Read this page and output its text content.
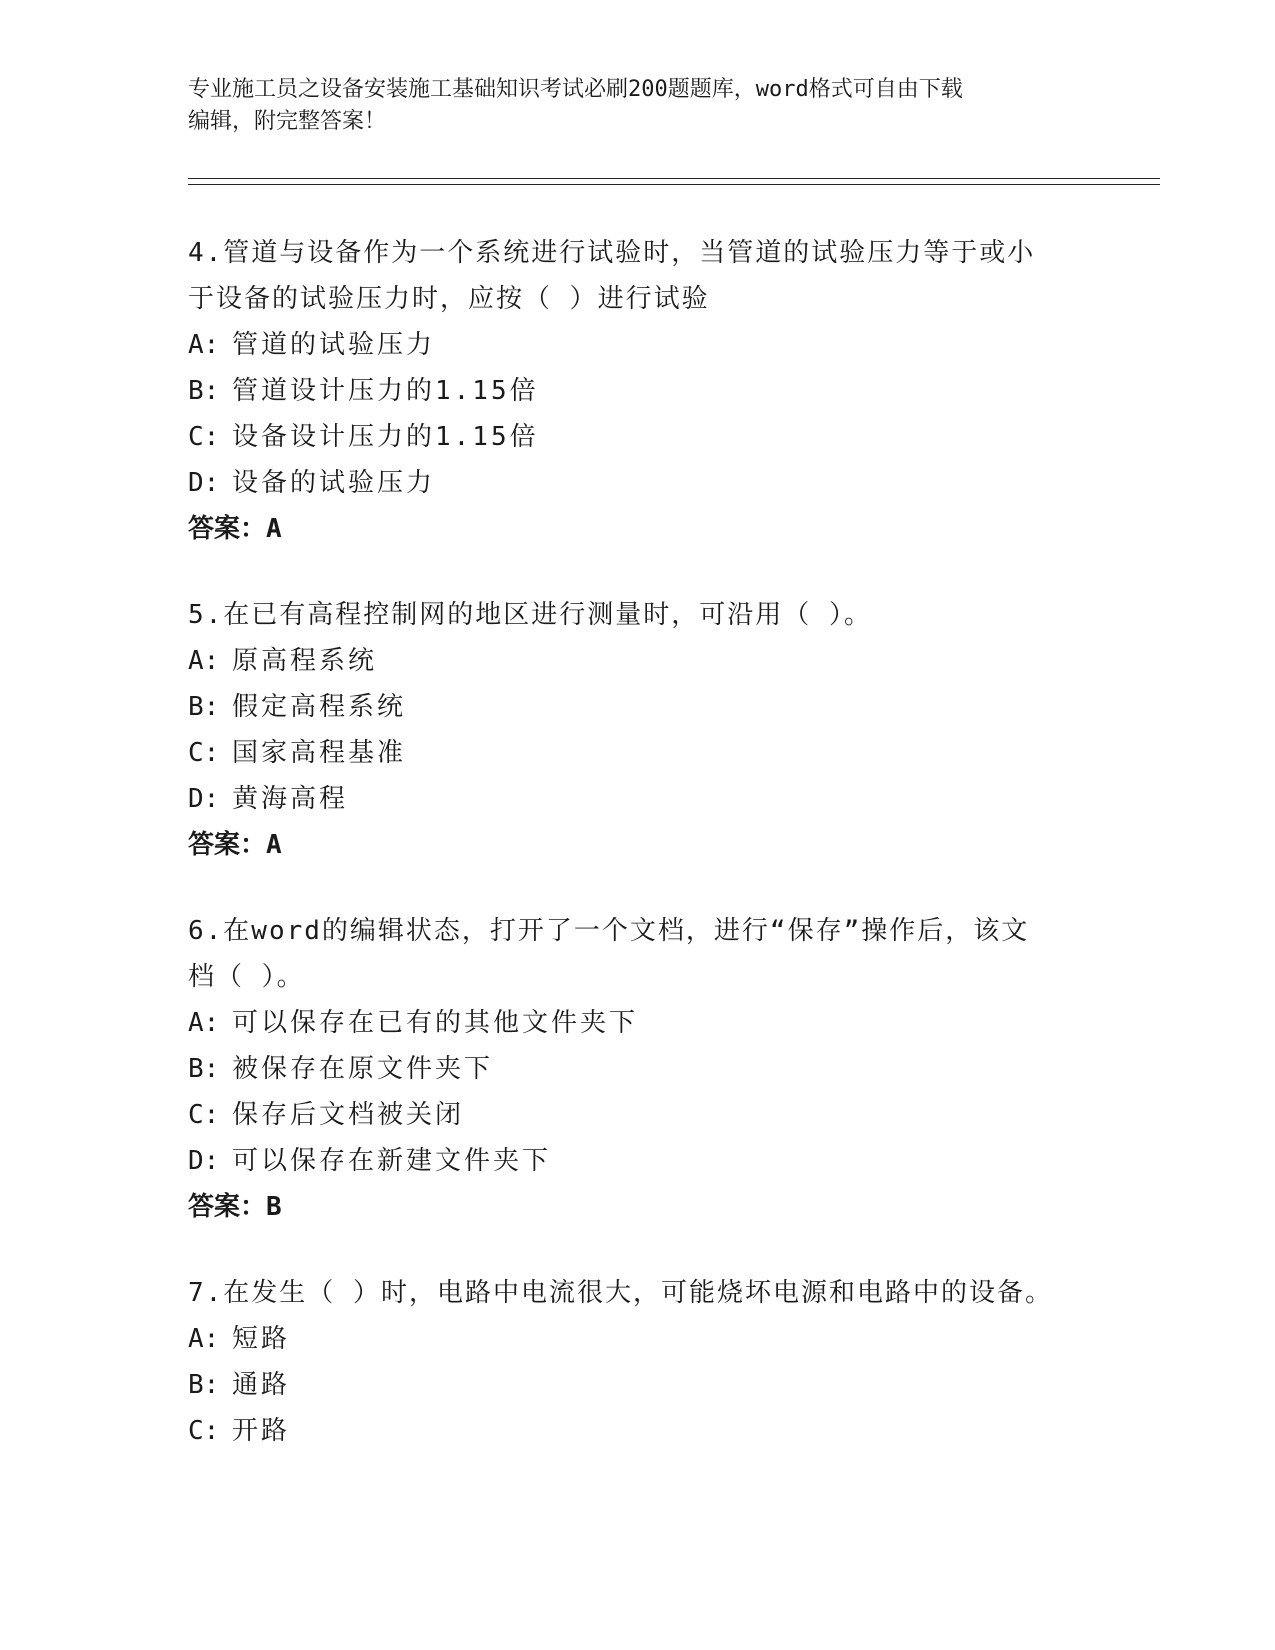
专业施工员之设备安装施工基础知识考试必刷200题题库，word格式可自由下载
编辑，附完整答案！
4.管道与设备作为一个系统进行试验时，当管道的试验压力等于或小
于设备的试验压力时，应按（ ）进行试验
A: 管道的试验压力
B: 管道设计压力的1.15倍
C: 设备设计压力的1.15倍
D: 设备的试验压力
答案：A
5.在已有高程控制网的地区进行测量时，可沿用（ ）。
A: 原高程系统
B: 假定高程系统
C: 国家高程基准
D: 黄海高程
答案：A
6.在word的编辑状态，打开了一个文档，进行“保存”操作后，该文
档（ ）。
A: 可以保存在已有的其他文件夹下
B: 被保存在原文件夹下
C: 保存后文档被关闭
D: 可以保存在新建文件夹下
答案：B
7.在发生（ ）时，电路中电流很大，可能烧坏电源和电路中的设备。
A: 短路
B: 通路
C: 开路
